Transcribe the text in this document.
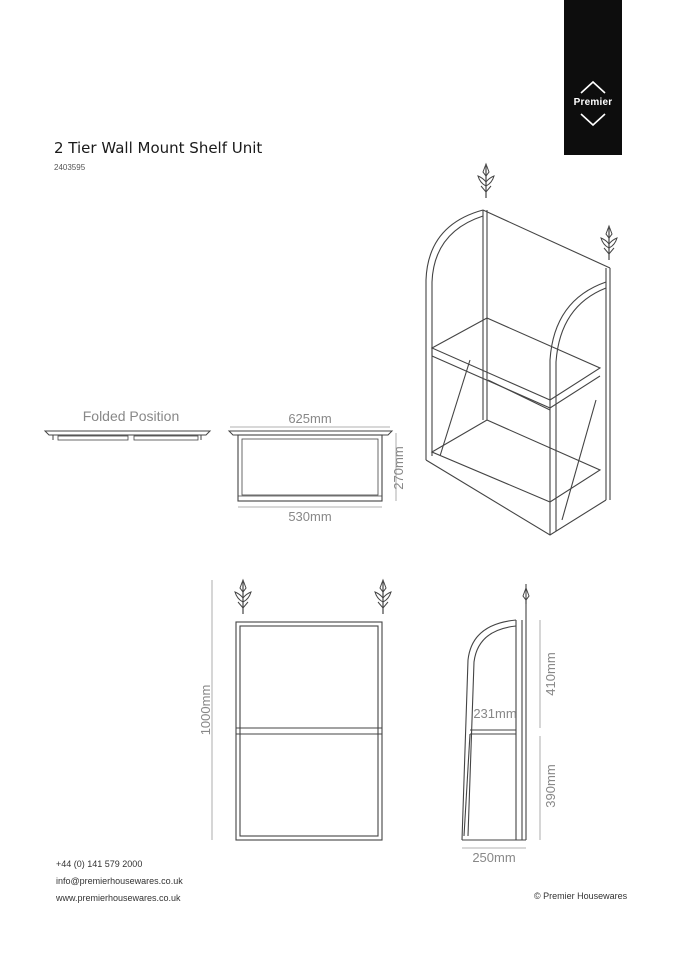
Premier
2 Tier Wall Mount Shelf Unit
2403595
Folded Position	625mm
270mm
530mm
1000mm	231mm
410mm
390mm
250mm
+44 (0) 141 579 2000
info@premierhousewares.co.uk
www.premierhousewares.co.uk	© Premier Housewares
